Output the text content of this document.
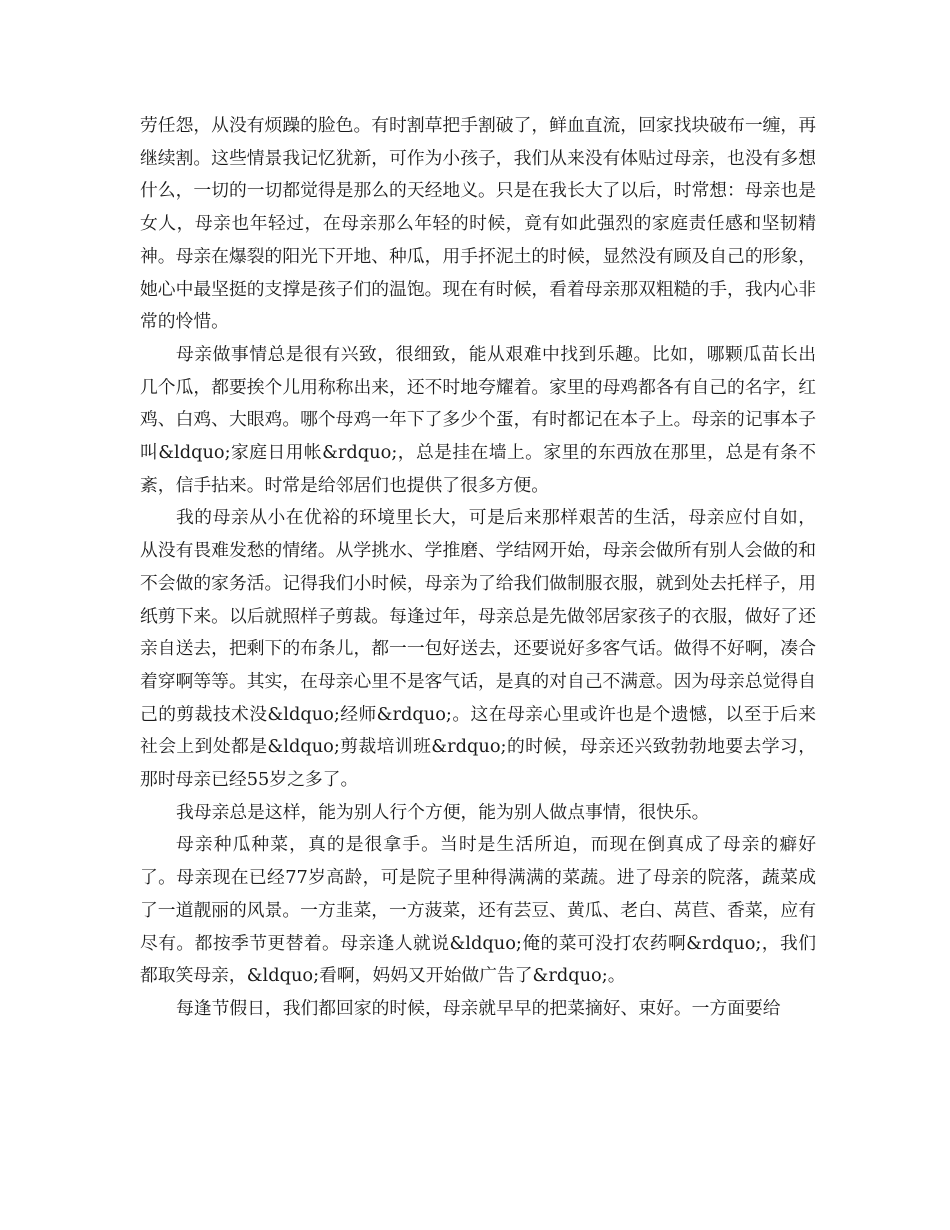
劳任怨，从没有烦躁的脸色。有时割草把手割破了，鲜血直流，回家找块破布一缠，再继续割。这些情景我记忆犹新，可作为小孩子，我们从来没有体贴过母亲，也没有多想什么，一切的一切都觉得是那么的天经地义。只是在我长大了以后，时常想：母亲也是女人，母亲也年轻过，在母亲那么年轻的时候，竟有如此强烈的家庭责任感和坚韧精神。母亲在爆裂的阳光下开地、种瓜，用手抔泥土的时候，显然没有顾及自己的形象，她心中最坚挺的支撑是孩子们的温饱。现在有时候，看着母亲那双粗糙的手，我内心非常的怜惜。

母亲做事情总是很有兴致，很细致，能从艰难中找到乐趣。比如，哪颗瓜苗长出几个瓜，都要挨个儿用称称出来，还不时地夸耀着。家里的母鸡都各有自己的名字，红鸡、白鸡、大眼鸡。哪个母鸡一年下了多少个蛋，有时都记在本子上。母亲的记事本子叫&ldquo;家庭日用帐&rdquo;，总是挂在墙上。家里的东西放在那里，总是有条不紊，信手拈来。时常是给邻居们也提供了很多方便。

我的母亲从小在优裕的环境里长大，可是后来那样艰苦的生活，母亲应付自如，从没有畏难发愁的情绪。从学挑水、学推磨、学结网开始，母亲会做所有别人会做的和不会做的家务活。记得我们小时候，母亲为了给我们做制服衣服，就到处去托样子，用纸剪下来。以后就照样子剪裁。每逢过年，母亲总是先做邻居家孩子的衣服，做好了还亲自送去，把剩下的布条儿，都一一包好送去，还要说好多客气话。做得不好啊，凑合着穿啊等等。其实，在母亲心里不是客气话，是真的对自己不满意。因为母亲总觉得自己的剪裁技术没&ldquo;经师&rdquo;。这在母亲心里或许也是个遗憾，以至于后来社会上到处都是&ldquo;剪裁培训班&rdquo;的时候，母亲还兴致勃勃地要去学习，那时母亲已经55岁之多了。

我母亲总是这样，能为别人行个方便，能为别人做点事情，很快乐。

母亲种瓜种菜，真的是很拿手。当时是生活所迫，而现在倒真成了母亲的癖好了。母亲现在已经77岁高龄，可是院子里种得满满的菜蔬。进了母亲的院落，蔬菜成了一道靓丽的风景。一方韭菜，一方菠菜，还有芸豆、黄瓜、老白、莴苣、香菜，应有尽有。都按季节更替着。母亲逢人就说&ldquo;俺的菜可没打农药啊&rdquo;，我们都取笑母亲，&ldquo;看啊，妈妈又开始做广告了&rdquo;。

每逢节假日，我们都回家的时候，母亲就早早的把菜摘好、束好。一方面要给
